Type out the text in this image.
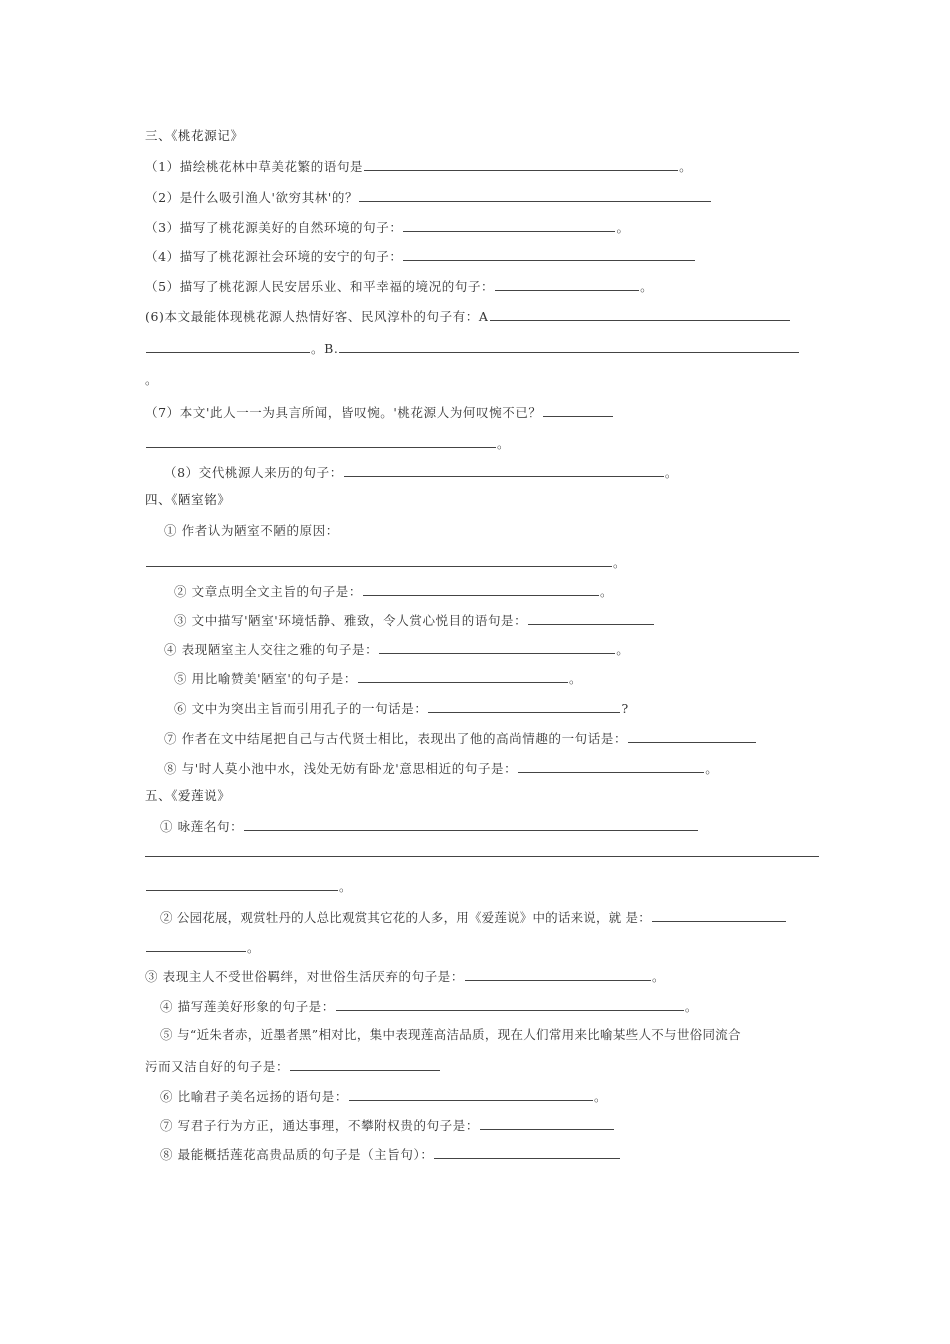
三、《桃花源记》
（1）描绘桃花林中草美花繁的语句是	。
（2）是什么吸引渔人'欲穷其林'的？
（3）描写了桃花源美好的自然环境的句子：	。
（4）描写了桃花源社会环境的安宁的句子：
（5）描写了桃花源人民安居乐业、和平幸福的境况的句子：	。
(6)本文最能体现桃花源人热情好客、民风淳朴的句子有：A
。B.
。
（7）本文'此人一一为具言所闻，皆叹惋。'桃花源人为何叹惋不已？
。
（8）交代桃源人来历的句子：	。
四、《陋室铭》
① 作者认为陋室不陋的原因：
。
② 文章点明全文主旨的句子是：	。
③ 文中描写'陋室'环境恬静、雅致，令人赏心悦目的语句是：
④ 表现陋室主人交往之雅的句子是：	。
⑤ 用比喻赞美'陋室'的句子是：	。
⑥ 文中为突出主旨而引用孔子的一句话是：	?
⑦ 作者在文中结尾把自己与古代贤士相比，表现出了他的高尚情趣的一句话是：
⑧ 与'时人莫小池中水，浅处无妨有卧龙'意思相近的句子是：	。
五、《爱莲说》
① 咏莲名句：
。
② 公园花展，观赏牡丹的人总比观赏其它花的人多，用《爱莲说》中的话来说，就 是：
。
③ 表现主人不受世俗羁绊，对世俗生活厌弃的句子是：	。
④ 描写莲美好形象的句子是：	。
⑤ 与“近朱者赤，近墨者黑”相对比，集中表现莲高洁品质，现在人们常用来比喻某些人不与世俗同流合
污而又洁自好的句子是：
⑥ 比喻君子美名远扬的语句是：	。
⑦ 写君子行为方正，通达事理，不攀附权贵的句子是：
⑧ 最能概括莲花高贵品质的句子是（主旨句）：
